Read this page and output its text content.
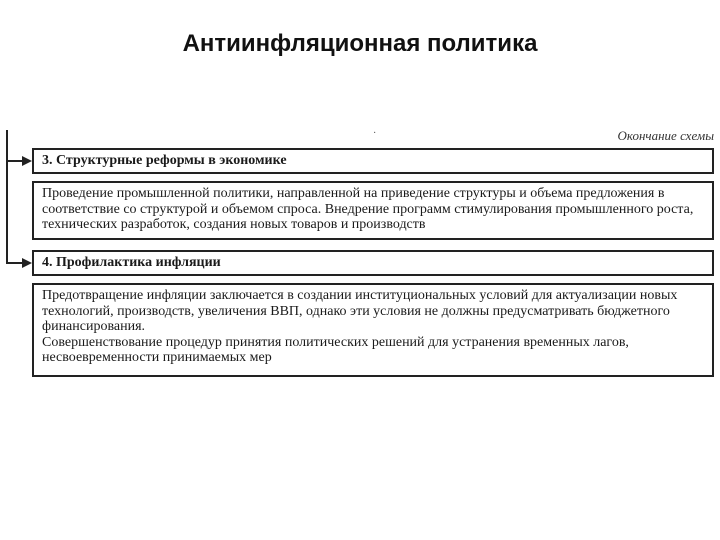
Антиинфляционная политика
·	Окончание схемы
3. Структурные реформы в экономике

Проведение промышленной политики, направленной на приведение структуры и объема предложения в соответствие со структурой и объемом спроса. Внедрение программ стимулирования промышленного роста, технических разработок, создания новых товаров и производств

4. Профилактика инфляции

Предотвращение инфляции заключается в создании институциональных условий для актуализации новых технологий, производств, увеличения ВВП, однако эти условия не должны предусматривать бюджетного финансирования.

Совершенствование процедур принятия политических решений для устранения временных лагов, несвоевременности принимаемых мер
